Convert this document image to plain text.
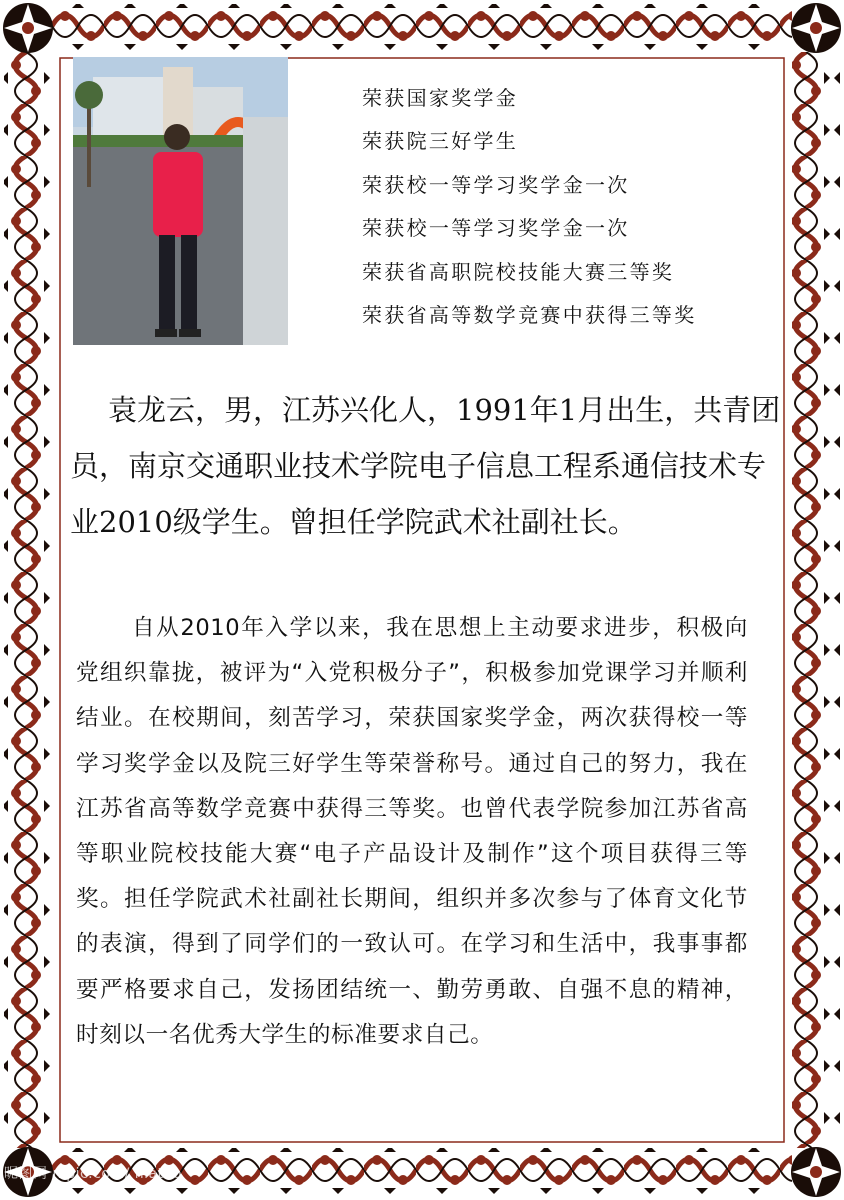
荣获国家奖学金
荣获院三好学生
荣获校一等学习奖学金一次
荣获校一等学习奖学金一次
荣获省高职院校技能大赛三等奖
荣获省高等数学竞赛中获得三等奖

袁龙云，男，江苏兴化人，1991年1月出生，共青团员，南京交通职业技术学院电子信息工程系通信技术专业2010级学生。曾担任学院武术社副社长。

自从2010年入学以来，我在思想上主动要求进步，积极向党组织靠拢，被评为“入党积极分子”，积极参加党课学习并顺利结业。在校期间，刻苦学习，荣获国家奖学金，两次获得校一等学习奖学金以及院三好学生等荣誉称号。通过自己的努力，我在江苏省高等数学竞赛中获得三等奖。也曾代表学院参加江苏省高等职业院校技能大赛“电子产品设计及制作”这个项目获得三等奖。担任学院武术社副社长期间，组织并多次参与了体育文化节的表演，得到了同学们的一致认可。在学习和生活中，我事事都要严格要求自己，发扬团结统一、勤劳勇敢、自强不息的精神，时刻以一名优秀大学生的标准要求自己。

昵图网 nipic.com/ hlatuo
